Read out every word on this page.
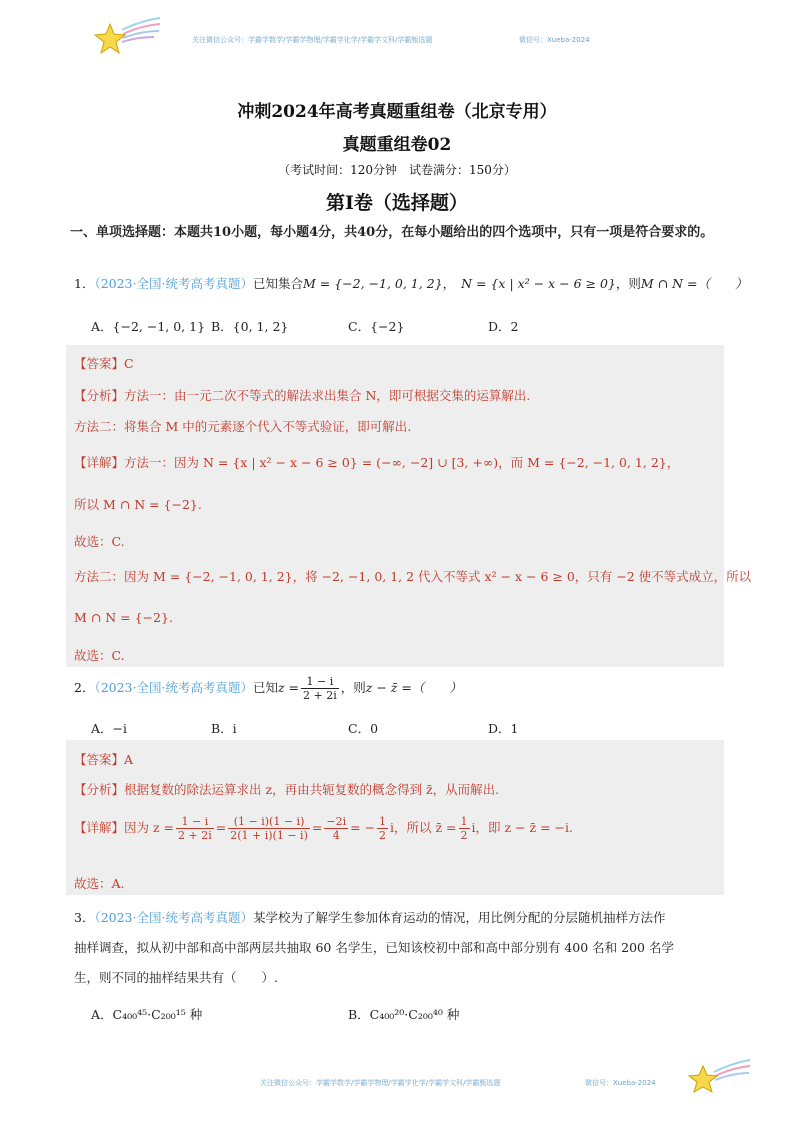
关注微信公众号：学霸学数学/学霸学物理/学霸学化学/学霸学文科/学霸甄选题	微信号：Xueba-2024
冲刺2024年高考真题重组卷（北京专用）
真题重组卷02
（考试时间：120分钟　试卷满分：150分）
第I卷（选择题）
一、单项选择题：本题共10小题，每小题4分，共40分，在每小题给出的四个选项中，只有一项是符合要求的。
1．（2023·全国·统考高考真题）已知集合M = {−2, −1, 0, 1, 2}， N = {x | x² − x − 6 ≥ 0}，则M ∩ N =（　　）
A．{−2, −1, 0, 1} B．{0, 1, 2}	C．{−2}	D．2
【答案】C
【分析】方法一：由一元二次不等式的解法求出集合 N，即可根据交集的运算解出.
方法二：将集合 M 中的元素逐个代入不等式验证，即可解出.
【详解】方法一：因为 N = {x | x² − x − 6 ≥ 0} = (−∞, −2] ∪ [3, +∞)，而 M = {−2, −1, 0, 1, 2}，
所以 M ∩ N = {−2}.
故选：C.
方法二：因为 M = {−2, −1, 0, 1, 2}，将 −2, −1, 0, 1, 2 代入不等式 x² − x − 6 ≥ 0，只有 −2 使不等式成立，所以
M ∩ N = {−2}.
故选：C.
2．（2023·全国·统考高考真题）已知$z = \frac{1 - i}{2 + 2i}$ ，则z − z̄ =（　　）
A．−i	B．i	C．0	D．1
【答案】A
【分析】根据复数的除法运算求出 z，再由共轭复数的概念得到 z̄，从而解出.
【详解】因为 $z = \frac{1 - i}{2 + 2i} = \frac{(1 - i)(1 - i)}{2(1 + i)(1 - i)} = \frac{-2i}{4}$ = − $\frac{1}{2}$ i，所以 z̄ = $\frac{1}{2}$ i，即 z − z̄ = −i.
故选：A.
3．（2023·全国·统考高考真题）某学校为了解学生参加体育运动的情况，用比例分配的分层随机抽样方法作
抽样调查，拟从初中部和高中部两层共抽取 60 名学生，已知该校初中部和高中部分别有 400 名和 200 名学
生，则不同的抽样结果共有（　　）.
A．C₄₀₀⁴⁵·C₂₀₀¹⁵ 种	B．C₄₀₀²⁰·C₂₀₀⁴⁰ 种
关注微信公众号：学霸学数学/学霸学物理/学霸学化学/学霸学文科/学霸甄选题	微信号：Xueba-2024
